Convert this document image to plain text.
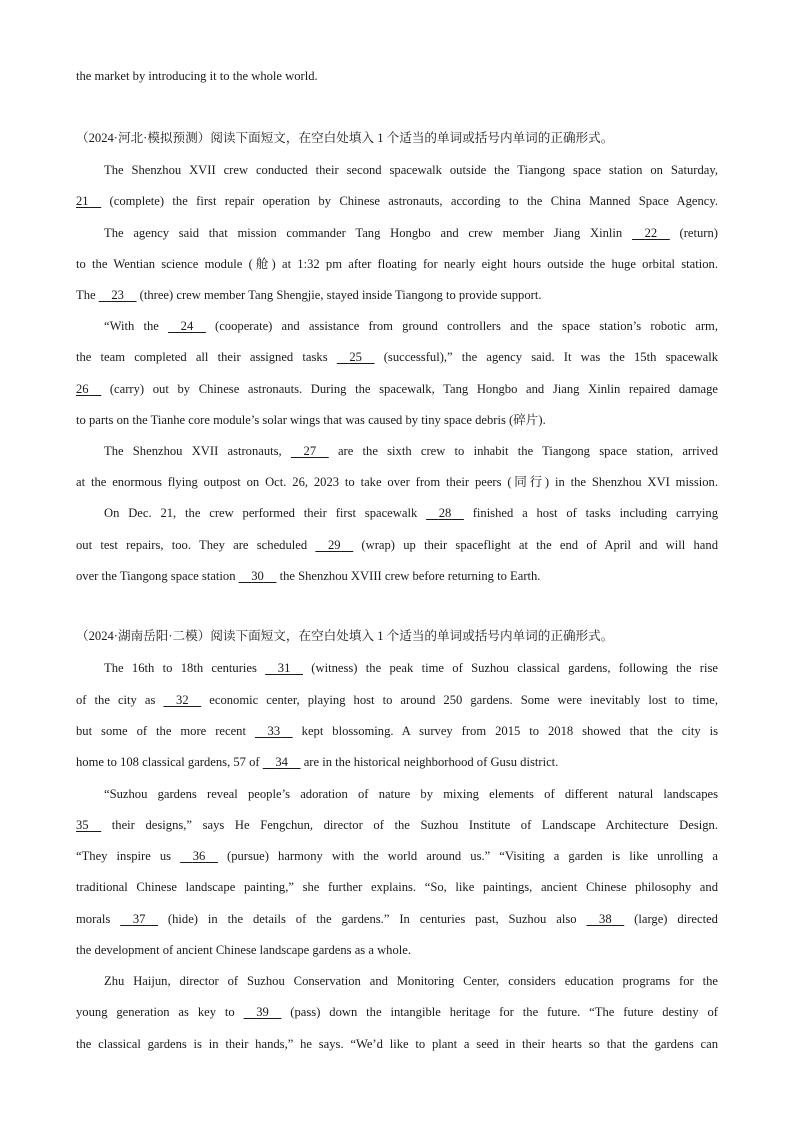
the market by introducing it to the whole world.
（2024·河北·模拟预测）阅读下面短文，在空白处填入 1 个适当的单词或括号内单词的正确形式。
The Shenzhou XVII crew conducted their second spacewalk outside the Tiangong space station on Saturday,
21 (complete) the first repair operation by Chinese astronauts, according to the China Manned Space Agency.
The agency said that mission commander Tang Hongbo and crew member Jiang Xinlin 22 (return)
to the Wentian science module (舱) at 1:32 pm after floating for nearly eight hours outside the huge orbital station.
The 23 (three) crew member Tang Shengjie, stayed inside Tiangong to provide support.
“With the 24 (cooperate) and assistance from ground controllers and the space station’s robotic arm,
the team completed all their assigned tasks 25 (successful),” the agency said. It was the 15th spacewalk
26 (carry) out by Chinese astronauts. During the spacewalk, Tang Hongbo and Jiang Xinlin repaired damage
to parts on the Tianhe core module’s solar wings that was caused by tiny space debris (碎片).
The Shenzhou XVII astronauts, 27 are the sixth crew to inhabit the Tiangong space station, arrived
at the enormous flying outpost on Oct. 26, 2023 to take over from their peers (同行) in the Shenzhou XVI mission.
On Dec. 21, the crew performed their first spacewalk 28 finished a host of tasks including carrying
out test repairs, too. They are scheduled 29 (wrap) up their spaceflight at the end of April and will hand
over the Tiangong space station 30 the Shenzhou XVIII crew before returning to Earth.
（2024·湖南岳阳·二模）阅读下面短文，在空白处填入 1 个适当的单词或括号内单词的正确形式。
The 16th to 18th centuries 31 (witness) the peak time of Suzhou classical gardens, following the rise
of the city as 32 economic center, playing host to around 250 gardens. Some were inevitably lost to time,
but some of the more recent 33 kept blossoming. A survey from 2015 to 2018 showed that the city is
home to 108 classical gardens, 57 of 34 are in the historical neighborhood of Gusu district.
“Suzhou gardens reveal people’s adoration of nature by mixing elements of different natural landscapes
35 their designs,” says He Fengchun, director of the Suzhou Institute of Landscape Architecture Design.
“They inspire us 36 (pursue) harmony with the world around us.” “Visiting a garden is like unrolling a
traditional Chinese landscape painting,” she further explains. “So, like paintings, ancient Chinese philosophy and
morals 37 (hide) in the details of the gardens.” In centuries past, Suzhou also 38 (large) directed
the development of ancient Chinese landscape gardens as a whole.
Zhu Haijun, director of Suzhou Conservation and Monitoring Center, considers education programs for the
young generation as key to 39 (pass) down the intangible heritage for the future. “The future destiny of
the classical gardens is in their hands,” he says. “We’d like to plant a seed in their hearts so that the gardens can
